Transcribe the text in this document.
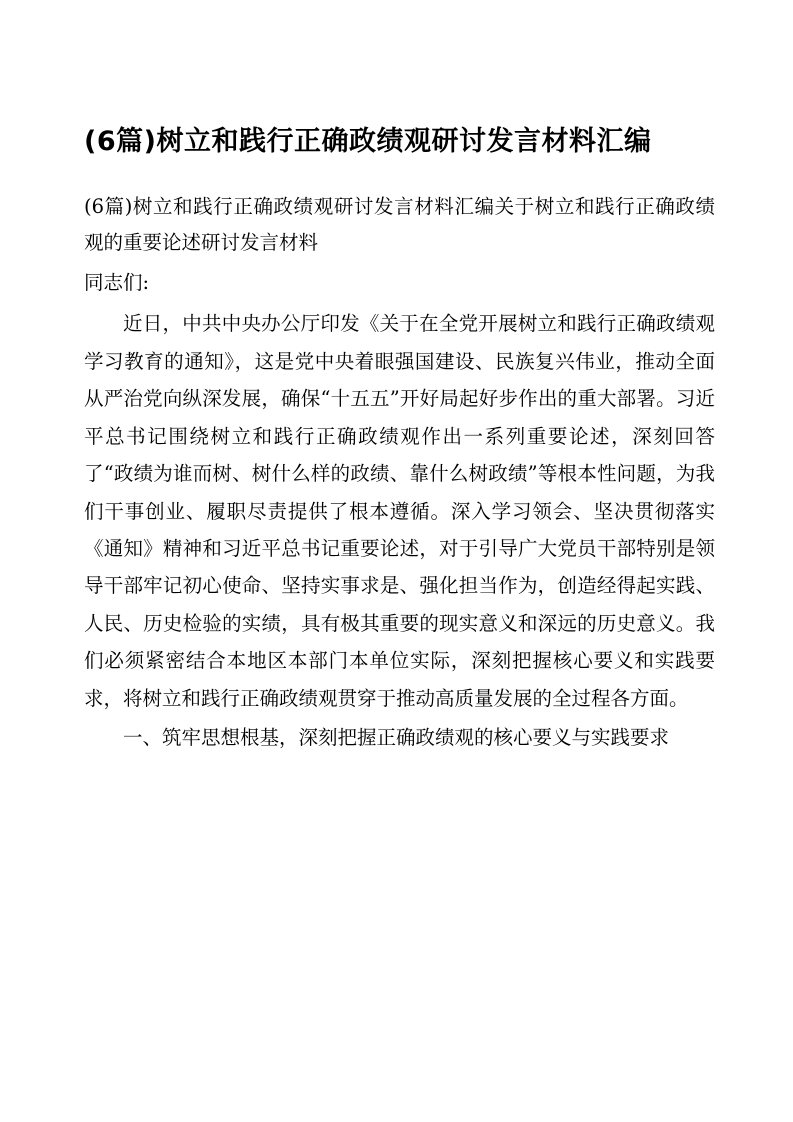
(6篇)树立和践行正确政绩观研讨发言材料汇编

(6篇)树立和践行正确政绩观研讨发言材料汇编关于树立和践行正确政绩观的重要论述研讨发言材料

同志们:

近日，中共中央办公厅印发《关于在全党开展树立和践行正确政绩观学习教育的通知》，这是党中央着眼强国建设、民族复兴伟业，推动全面从严治党向纵深发展，确保“十五五”开好局起好步作出的重大部署。习近平总书记围绕树立和践行正确政绩观作出一系列重要论述，深刻回答了“政绩为谁而树、树什么样的政绩、靠什么树政绩”等根本性问题，为我们干事创业、履职尽责提供了根本遵循。深入学习领会、坚决贯彻落实《通知》精神和习近平总书记重要论述，对于引导广大党员干部特别是领导干部牢记初心使命、坚持实事求是、强化担当作为，创造经得起实践、人民、历史检验的实绩，具有极其重要的现实意义和深远的历史意义。我们必须紧密结合本地区本部门本单位实际，深刻把握核心要义和实践要求，将树立和践行正确政绩观贯穿于推动高质量发展的全过程各方面。

一、筑牢思想根基，深刻把握正确政绩观的核心要义与实践要求
